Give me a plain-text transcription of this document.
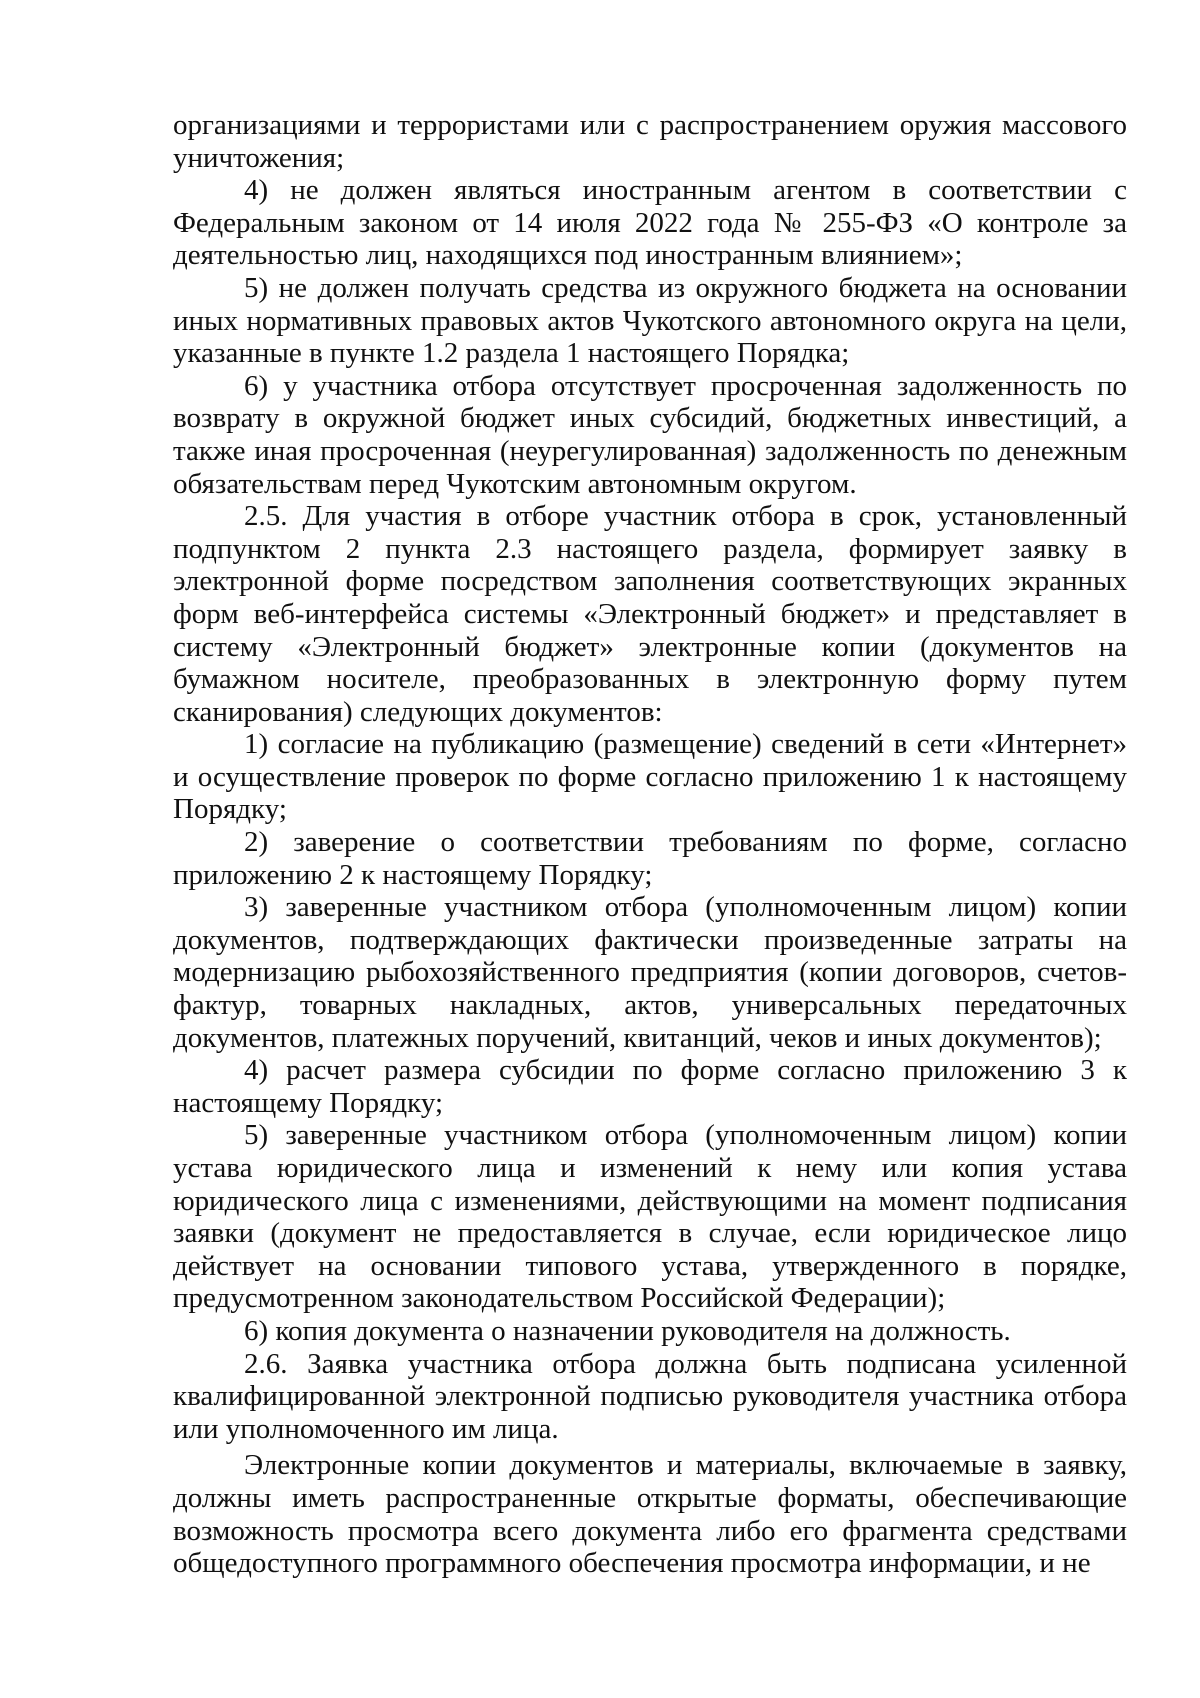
организациями и террористами или с распространением оружия массового уничтожения;

4) не должен являться иностранным агентом в соответствии с Федеральным законом от 14 июля 2022 года № 255-ФЗ «О контроле за деятельностью лиц, находящихся под иностранным влиянием»;

5) не должен получать средства из окружного бюджета на основании иных нормативных правовых актов Чукотского автономного округа на цели, указанные в пункте 1.2 раздела 1 настоящего Порядка;

6) у участника отбора отсутствует просроченная задолженность по возврату в окружной бюджет иных субсидий, бюджетных инвестиций, а также иная просроченная (неурегулированная) задолженность по денежным обязательствам перед Чукотским автономным округом.

2.5. Для участия в отборе участник отбора в срок, установленный подпунктом 2 пункта 2.3 настоящего раздела, формирует заявку в электронной форме посредством заполнения соответствующих экранных форм веб-интерфейса системы «Электронный бюджет» и представляет в систему «Электронный бюджет» электронные копии (документов на бумажном носителе, преобразованных в электронную форму путем сканирования) следующих документов:

1) согласие на публикацию (размещение) сведений в сети «Интернет» и осуществление проверок по форме согласно приложению 1 к настоящему Порядку;

2) заверение о соответствии требованиям по форме, согласно приложению 2 к настоящему Порядку;

3) заверенные участником отбора (уполномоченным лицом) копии документов, подтверждающих фактически произведенные затраты на модернизацию рыбохозяйственного предприятия (копии договоров, счетов-фактур, товарных накладных, актов, универсальных передаточных документов, платежных поручений, квитанций, чеков и иных документов);

4) расчет размера субсидии по форме согласно приложению 3 к настоящему Порядку;

5) заверенные участником отбора (уполномоченным лицом) копии устава юридического лица и изменений к нему или копия устава юридического лица с изменениями, действующими на момент подписания заявки (документ не предоставляется в случае, если юридическое лицо действует на основании типового устава, утвержденного в порядке, предусмотренном законодательством Российской Федерации);

6) копия документа о назначении руководителя на должность.

2.6. Заявка участника отбора должна быть подписана усиленной квалифицированной электронной подписью руководителя участника отбора или уполномоченного им лица.

Электронные копии документов и материалы, включаемые в заявку, должны иметь распространенные открытые форматы, обеспечивающие возможность просмотра всего документа либо его фрагмента средствами общедоступного программного обеспечения просмотра информации, и не
